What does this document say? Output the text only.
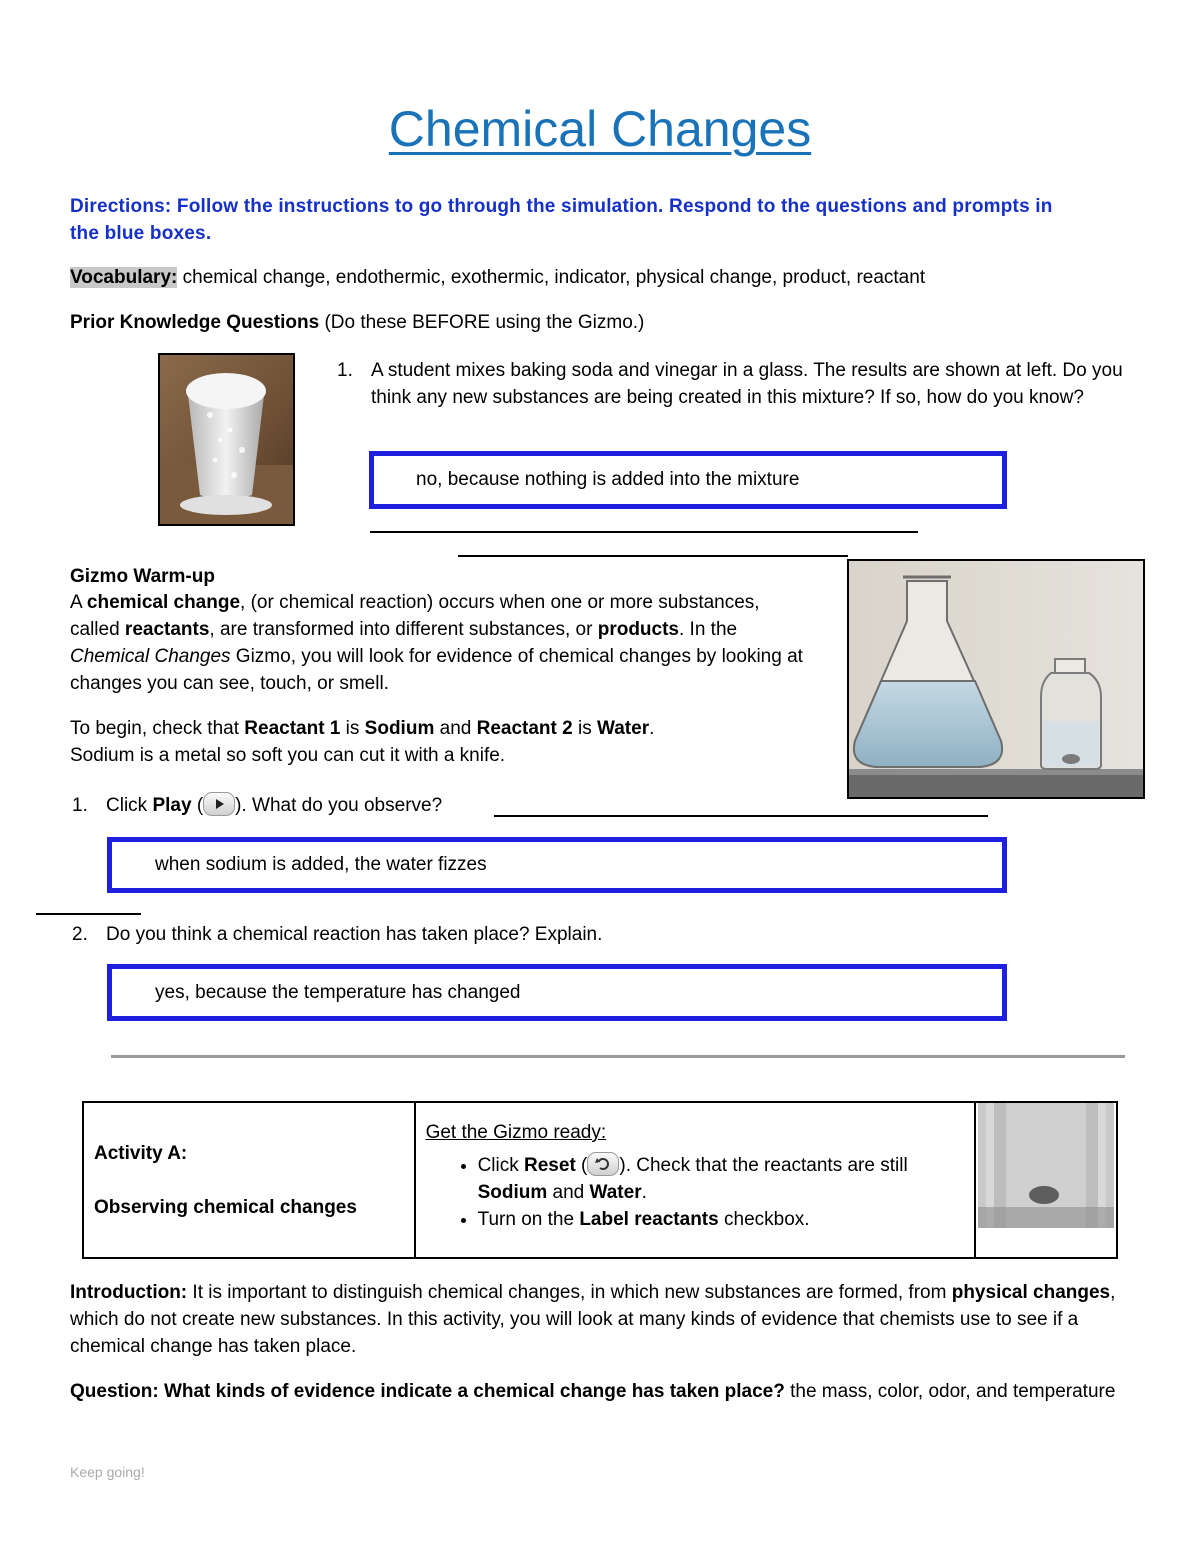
Chemical Changes
Directions: Follow the instructions to go through the simulation. Respond to the questions and prompts in the blue boxes.
Vocabulary: chemical change, endothermic, exothermic, indicator, physical change, product, reactant
Prior Knowledge Questions (Do these BEFORE using the Gizmo.)
1. A student mixes baking soda and vinegar in a glass. The results are shown at left. Do you think any new substances are being created in this mixture? If so, how do you know?
no, because nothing is added into the mixture
Gizmo Warm-up
A chemical change, (or chemical reaction) occurs when one or more substances, called reactants, are transformed into different substances, or products. In the Chemical Changes Gizmo, you will look for evidence of chemical changes by looking at changes you can see, touch, or smell.
To begin, check that Reactant 1 is Sodium and Reactant 2 is Water.
Sodium is a metal so soft you can cut it with a knife.
1. Click Play ( ). What do you observe?
when sodium is added, the water fizzes
2. Do you think a chemical reaction has taken place? Explain.
yes, because the temperature has changed
Activity A:
Observing chemical changes

Get the Gizmo ready:
• Click Reset ( ). Check that the reactants are still Sodium and Water.
• Turn on the Label reactants checkbox.

Introduction: It is important to distinguish chemical changes, in which new substances are formed, from physical changes, which do not create new substances. In this activity, you will look at many kinds of evidence that chemists use to see if a chemical change has taken place.
Question: What kinds of evidence indicate a chemical change has taken place? the mass, color, odor, and temperature
Keep going!
